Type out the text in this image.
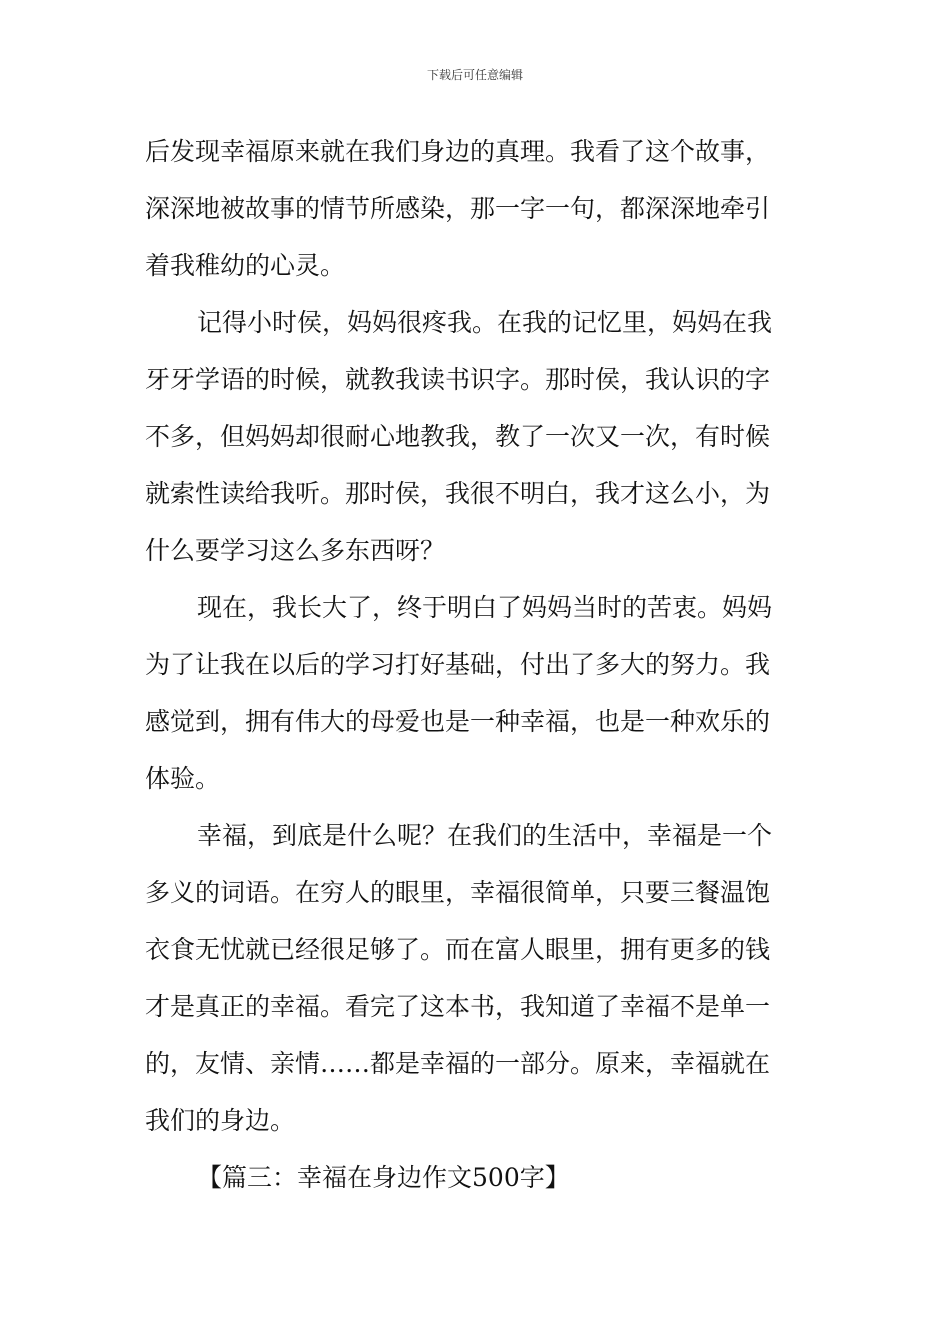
下载后可任意编辑
后发现幸福原来就在我们身边的真理。我看了这个故事，
深深地被故事的情节所感染，那一字一句，都深深地牵引
着我稚幼的心灵。
记得小时侯，妈妈很疼我。在我的记忆里，妈妈在我
牙牙学语的时候，就教我读书识字。那时侯，我认识的字
不多，但妈妈却很耐心地教我，教了一次又一次，有时候
就索性读给我听。那时侯，我很不明白，我才这么小，为
什么要学习这么多东西呀？
现在，我长大了，终于明白了妈妈当时的苦衷。妈妈
为了让我在以后的学习打好基础，付出了多大的努力。我
感觉到，拥有伟大的母爱也是一种幸福，也是一种欢乐的
体验。
幸福，到底是什么呢？在我们的生活中，幸福是一个
多义的词语。在穷人的眼里，幸福很简单，只要三餐温饱
衣食无忧就已经很足够了。而在富人眼里，拥有更多的钱
才是真正的幸福。看完了这本书，我知道了幸福不是单一
的，友情、亲情……都是幸福的一部分。原来，幸福就在
我们的身边。
【篇三：幸福在身边作文500字】
